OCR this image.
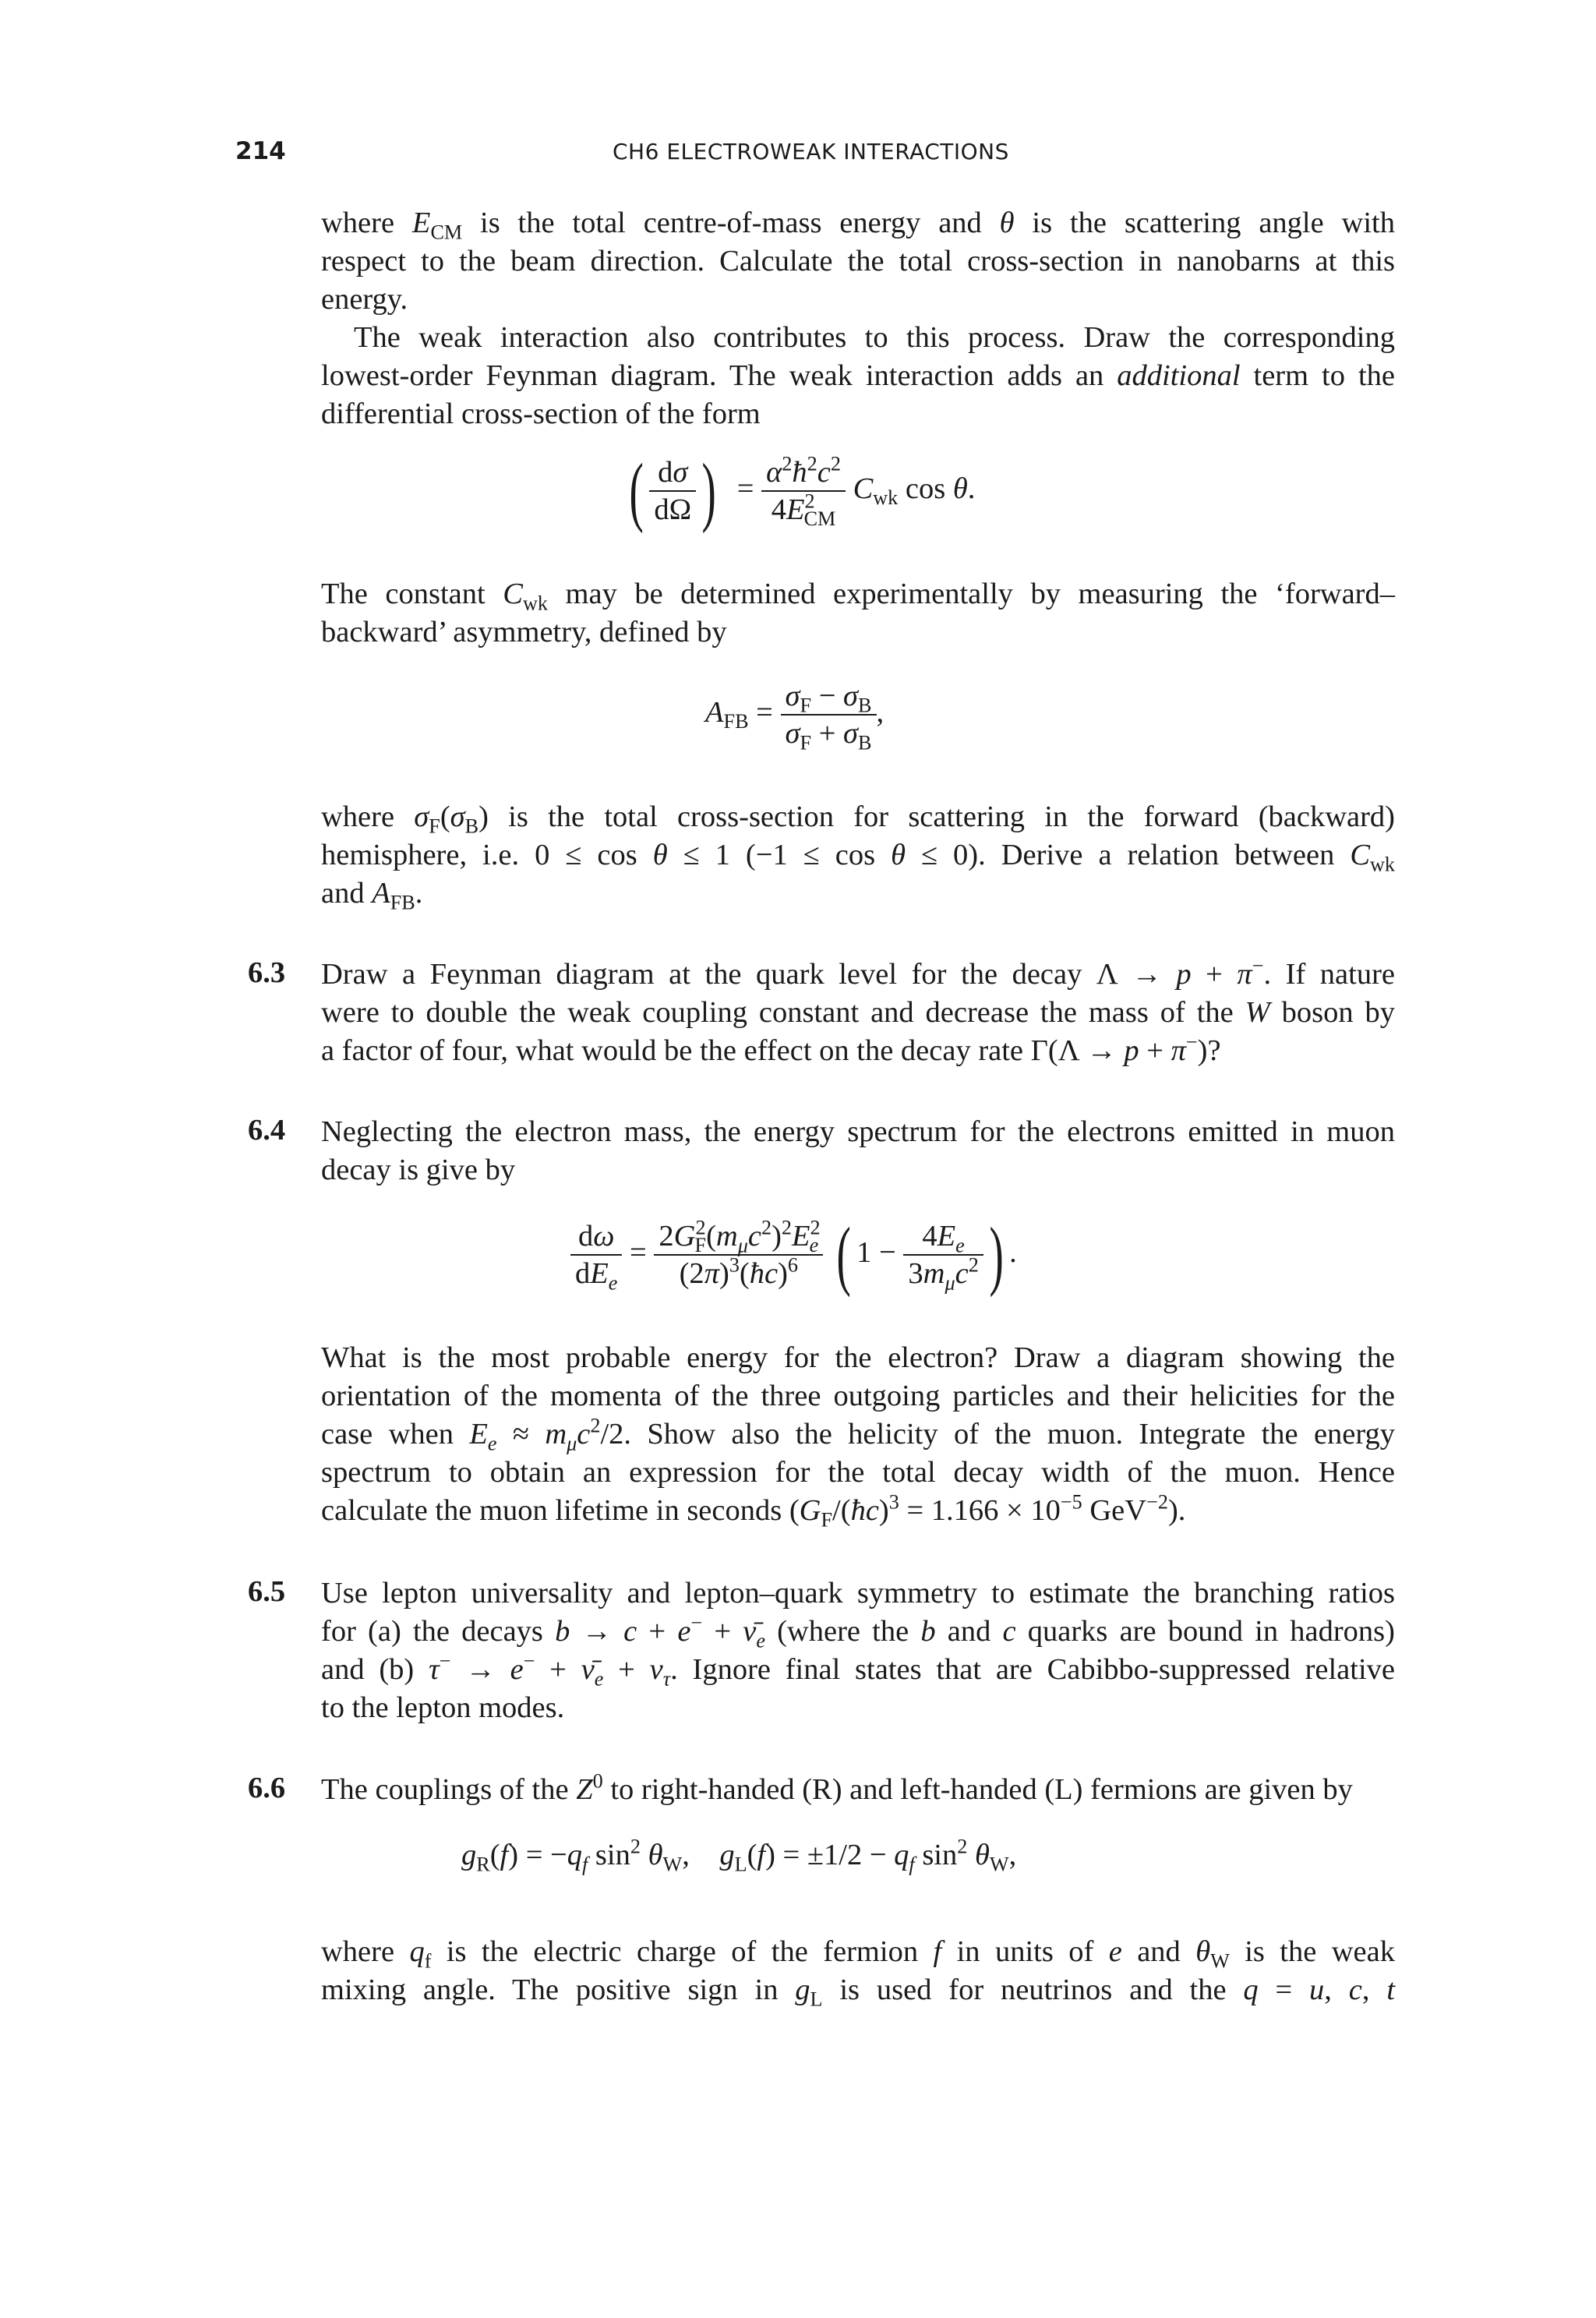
214	CH6 ELECTROWEAK INTERACTIONS
where $E_{CM}$ is the total centre-of-mass energy and θ is the scattering angle with
respect to the beam direction. Calculate the total cross-section in nanobarns at this
energy.
The weak interaction also contributes to this process. Draw the corresponding
lowest-order Feynman diagram. The weak interaction adds an additional term to the
differential cross-section of the form
( $\frac{d\sigma}{d\Omega}$ )  = $\frac{\alpha^2ħ^2c^2}{4E^2_{CM}} C_{wk}$ cos θ.
The constant $C_{wk}$ may be determined experimentally by measuring the ‘forward–
backward’ asymmetry, defined by
$A_{FB} = \frac{\sigma_F - \sigma_B}{\sigma_F + \sigma_B}$ ,
where $\sigma_F(\sigma_B)$ is the total cross-section for scattering in the forward (backward)
hemisphere, i.e. 0 ≤ cos θ ≤ 1 (−1 ≤ cos θ ≤ 0). Derive a relation between $C_{wk}$
and $A_{FB}$.
6.3 Draw a Feynman diagram at the quark level for the decay Λ → p + π−. If nature
were to double the weak coupling constant and decrease the mass of the W boson by
a factor of four, what would be the effect on the decay rate Γ(Λ → p + π−)?
6.4 Neglecting the electron mass, the energy spectrum for the electrons emitted in muon
decay is give by
$\frac{d\omega}{dE_e} = \frac{2G^2_F(m_\mu c^2)^2E^2_e}{(2\pi)^3(ħc)^6}$ ( $1 - \frac{4E_e}{3m_\mu c^2}$ ) .
What is the most probable energy for the electron? Draw a diagram showing the
orientation of the momenta of the three outgoing particles and their helicities for the
case when $E_e \approx m_\mu c^2/2$. Show also the helicity of the muon. Integrate the energy
spectrum to obtain an expression for the total decay width of the muon. Hence
calculate the muon lifetime in seconds ($G_F/(ħc)^3 = 1.166 \times 10^{-5}$ GeV$^{-2}$).
6.5 Use lepton universality and lepton–quark symmetry to estimate the branching ratios
for (a) the decays $b \to c + e^- + \nū_e$ (where the b and c quarks are bound in hadrons)
and (b) $\tau^- \to e^- + \nū_e + \nu_\tau$. Ignore final states that are Cabibbo-suppressed relative
to the lepton modes.
6.6 The couplings of the $Z^0$ to right-handed (R) and left-handed (L) fermions are given by
$g_R(f) = -q_f$ $\sin^2 \theta_W$,    $g_L(f) = \pm 1/2 - q_f$ $\sin^2 \theta_W$,
where $q_f$ is the electric charge of the fermion f in units of e and $\theta_W$ is the weak
mixing angle. The positive sign in $g_L$ is used for neutrinos and the q = u, c, t
